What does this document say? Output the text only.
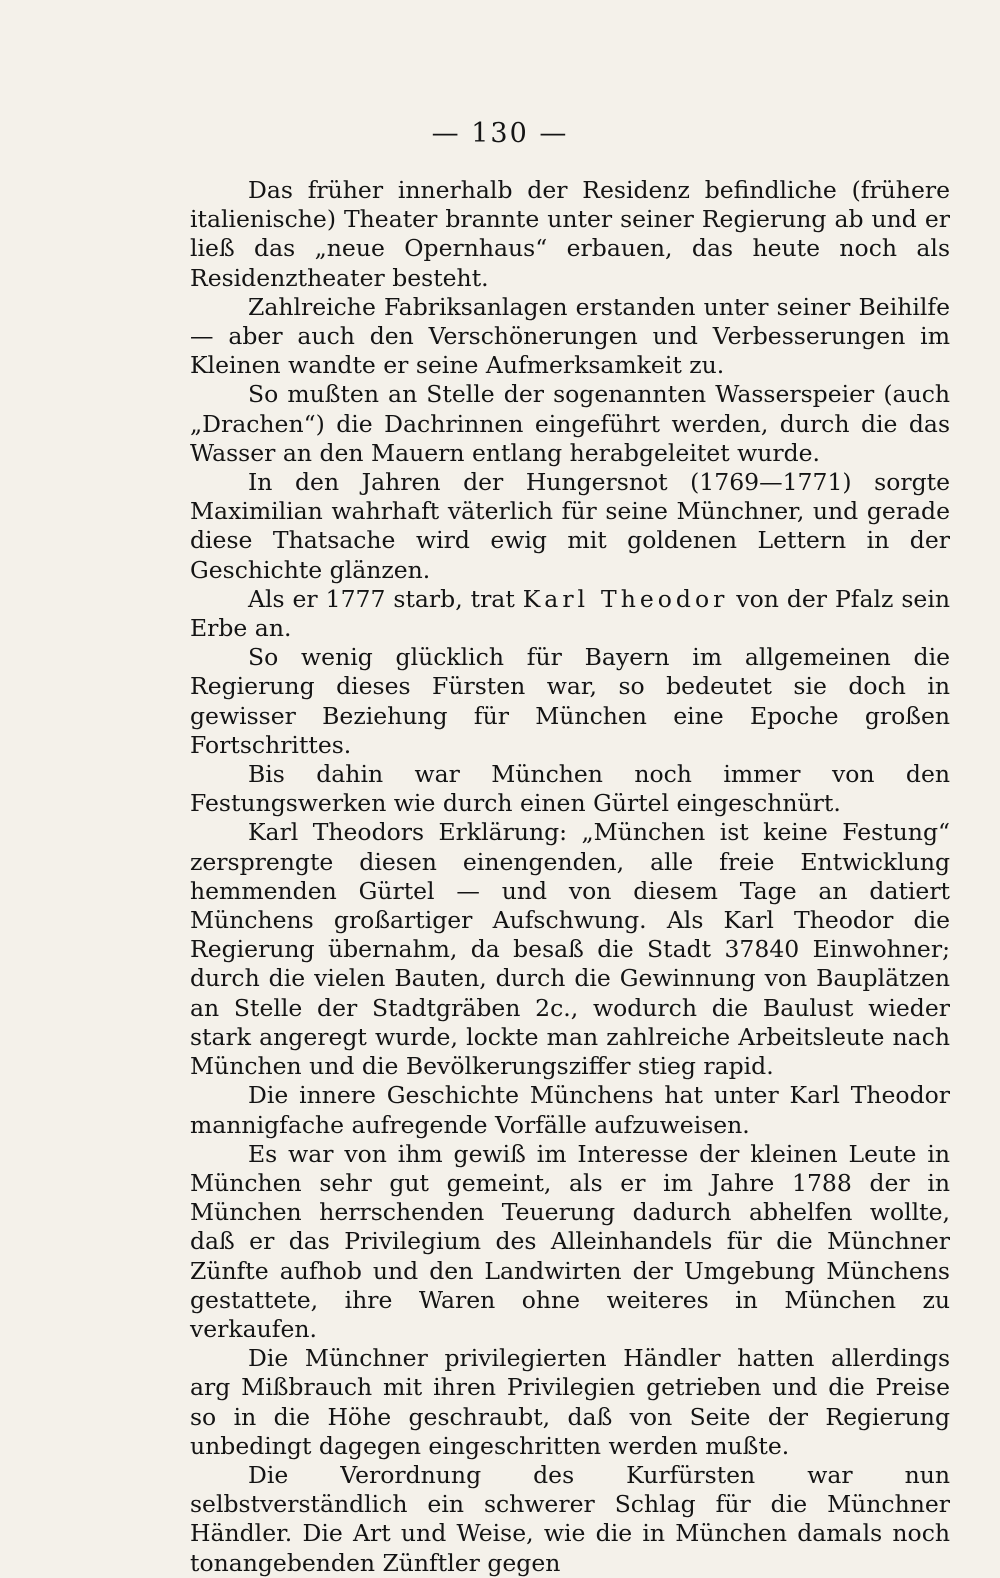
— 130 —

Das früher innerhalb der Residenz befindliche (frühere italienische) Theater brannte unter seiner Regierung ab und er ließ das „neue Opernhaus“ erbauen, das heute noch als Residenztheater besteht.

Zahlreiche Fabriksanlagen erstanden unter seiner Beihilfe — aber auch den Verschönerungen und Verbesserungen im Kleinen wandte er seine Aufmerksamkeit zu.

So mußten an Stelle der sogenannten Wasserspeier (auch „Drachen“) die Dachrinnen eingeführt werden, durch die das Wasser an den Mauern entlang herabgeleitet wurde.

In den Jahren der Hungersnot (1769—1771) sorgte Maximilian wahrhaft väterlich für seine Münchner, und gerade diese Thatsache wird ewig mit goldenen Lettern in der Geschichte glänzen.

Als er 1777 starb, trat Karl Theodor von der Pfalz sein Erbe an.

So wenig glücklich für Bayern im allgemeinen die Regierung dieses Fürsten war, so bedeutet sie doch in gewisser Beziehung für München eine Epoche großen Fortschrittes.

Bis dahin war München noch immer von den Festungswerken wie durch einen Gürtel eingeschnürt.

Karl Theodors Erklärung: „München ist keine Festung“ zersprengte diesen einengenden, alle freie Entwicklung hemmenden Gürtel — und von diesem Tage an datiert Münchens großartiger Aufschwung. Als Karl Theodor die Regierung übernahm, da besaß die Stadt 37840 Einwohner; durch die vielen Bauten, durch die Gewinnung von Bauplätzen an Stelle der Stadtgräben 2c., wodurch die Baulust wieder stark angeregt wurde, lockte man zahlreiche Arbeitsleute nach München und die Bevölkerungsziffer stieg rapid.

Die innere Geschichte Münchens hat unter Karl Theodor mannigfache aufregende Vorfälle aufzuweisen.

Es war von ihm gewiß im Interesse der kleinen Leute in München sehr gut gemeint, als er im Jahre 1788 der in München herrschenden Teuerung dadurch abhelfen wollte, daß er das Privilegium des Alleinhandels für die Münchner Zünfte aufhob und den Landwirten der Umgebung Münchens gestattete, ihre Waren ohne weiteres in München zu verkaufen.

Die Münchner privilegierten Händler hatten allerdings arg Mißbrauch mit ihren Privilegien getrieben und die Preise so in die Höhe geschraubt, daß von Seite der Regierung unbedingt dagegen eingeschritten werden mußte.

Die Verordnung des Kurfürsten war nun selbstverständlich ein schwerer Schlag für die Münchner Händler. Die Art und Weise, wie die in München damals noch tonangebenden Zünftler gegen
